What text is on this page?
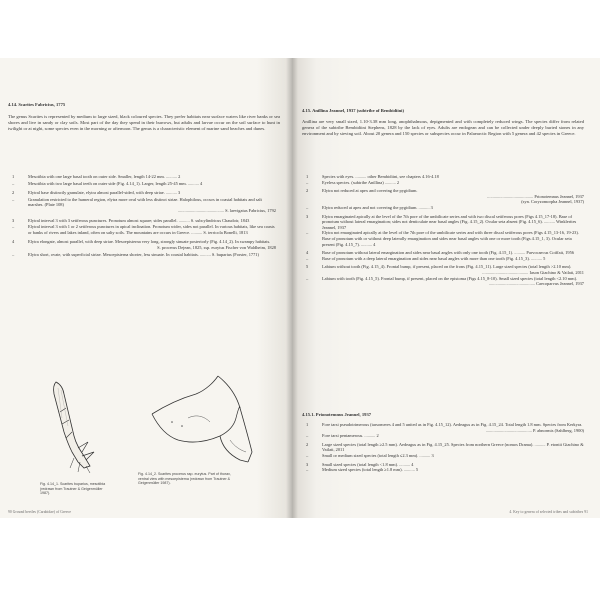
4.14. Scarites Fabricius, 1775
The genus Scarites is represented by medium to large sized, black coloured species. They prefer habitats near surface waters like river banks or sea shores and live in sandy or clay soils. Most part of the day they spend in their burrows, but adults and larvae occur on the soil surface to hunt in twilight or at night, some species even in the morning or afternoon. The genus is a characteristic element of marine sand beaches and dunes.
1	Mesotibia with one large basal tooth on outer side. Smaller, length 14-22 mm. .......... 2
–	Mesotibia with two large basal teeth on outer side (Fig. 4.14_1). Larger, length 25-45 mm. .......... 4
2	Elytral base distinctly granulate, elytra almost parallel-sided, with deep striae. .......... 3
–	Granulation restricted to the humeral region, elytra more oval with less distinct striae. Halophilous, occurs in coastal habitats and salt marshes. (Plate 108)
.......................................... S. laevigatus Fabricius, 1792
3	Elytral interval 3 with 3 setiferous punctures. Pronotum almost square; sides parallel. .......... S. subcylindricus Chaudoir, 1843
–	Elytral interval 3 with 1 or 2 setiferous punctures in apical inclination. Pronotum wider, sides not parallel. In various habitats, like sea coasts or banks of rivers and lakes inland, often on salty soils. The mountains are occurs in Greece. .......... S. terricola Bonelli, 1813
4	Elytra elongate, almost parallel, with deep striae. Mesoepisterna very long, strongly sinuate posteriorly (Fig. 4.14_2). In swampy habitats.
S. procerus Dejean, 1825, ssp. eurytus Fischer von Waldheim, 1828
–	Elytra short, ovate, with superficial striae. Mesoepisterna shorter, less sinuate. In coastal habitats. .......... S. buparius (Forster, 1771)
Fig. 4.14_1. Scarites buparius, mesotibia (redrawn from Trautner & Geigenmüller 1987).
Fig. 4.14_2. Scarites procerus ssp. eurytus. Part of thorax, ventral view with mesoepisterna (redrawn from Trautner & Geigenmüller 1987).
90 Ground beetles (Carabidae) of Greece
4.15. Anillina Jeannel, 1937 (subtribe of Bembidiini)
Anillina are very small sized, 1.10-3.38 mm long, anophthalmous, depigmented and with completely reduced wings. The species differ from related genera of the subtribe Bembidiini Stephens, 1828 by the lack of eyes. Adults are endogean and can be collected under deeply buried stones in any environment and by sieving soil. About 20 genera and 150 species or subspecies occur in Palaearctic Region with 5 genera and 42 species in Greece.
1	Species with eyes. .......... other Bembidiini, see chapters 4.16-4.18
–	Eyeless species. (subtribe Anillina) .......... 2
2	Elytra not reduced at apex and covering the pygidium.
.......................................... Prionotemnus Jeannel, 1937
(syn. Coryzomorpha Jeannel, 1937)
–	Elytra reduced at apex and not covering the pygidium. .......... 3
3	Elytra emarginated apically at the level of the 7th pore of the umbilicate series and with two discal setiferous pores (Figs 4.15_17-18). Base of pronotum without lateral emargination; sides not denticulate near basal angles (Fig. 4.15_2). Ocular seta absent (Fig. 4.15_6). .......... Winklerites Jeannel, 1937
–	Elytra not emarginated apically at the level of the 7th pore of the umbilicate series and with three discal setiferous pores (Figs 4.15_13-16, 19-23). Base of pronotum with or without deep laterally emargination and sides near basal angles with one or more tooth (Figs 4.15_1, 3). Ocular seta present (Fig. 4.15_7). .......... 4
4	Base of pronotum without lateral emargination and sides near basal angles with only one tooth (Fig. 4.15_1). .......... Parvocaecus Coiffait, 1956
–	Base of pronotum with a deep lateral emargination and sides near basal angles with more than one tooth (Fig. 4.15_3). .......... 5
5	Labium without tooth (Fig. 4.15_4). Frontal bump, if present, placed on the frons (Fig. 4.15_11). Large sized species (total length >2.10 mm).
.......................................... Iason Giachino & Vailati, 2011
–	Labium with tooth (Fig. 4.15_5). Frontal bump, if present, placed on the epistoma (Figs 4.15_8-10). Small sized species (total length <2.10 mm).
.......................................... Caecoparvus Jeannel, 1937
4.15.1. Prionotemnus Jeannel, 1937
1	Fore tarsi pseudotrimerous (tarsomeres 4 and 5 united as in Fig. 4.15_12). Aedeagus as in Fig. 4.15_24. Total length 1.8 mm. Species from Kerkyra.
.......................................... P. abnormis (Sahlberg, 1900)
–	Fore tarsi pentamerous. .......... 2
2	Large sized species (total length ≥2.5 mm). Aedeagus as in Fig. 4.15_25. Species from northern Greece (nomos Drama). .......... P. etontii Giachino & Vailati, 2011
–	Small or medium sized species (total length ≤2.3 mm). .......... 3
3	Small sized species (total length <1.8 mm). .......... 4
–	Medium sized species (total length ≥1.8 mm). .......... 5
4. Key to genera of selected tribes and subtribes 91
